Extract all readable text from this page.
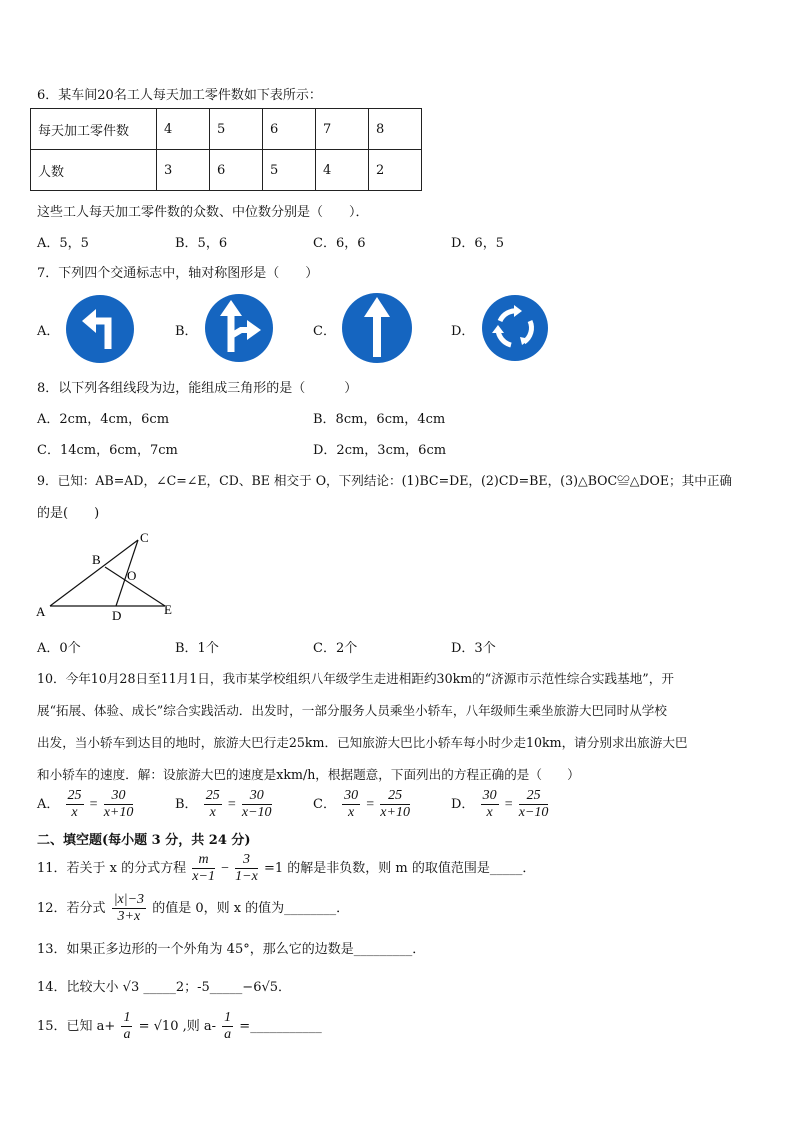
6．某车间20名工人每天加工零件数如下表所示：
每天加工零件数	4	5	6	7	8
人数	3	6	5	4	2
这些工人每天加工零件数的众数、中位数分别是（　　）．
A．5，5	B．5，6	C．6，6	D．6，5
7．下列四个交通标志中，轴对称图形是（　　）
A．	B．	C．	D．
8．以下列各组线段为边，能组成三角形的是（　　　）
A．2cm，4cm，6cm	B．8cm，6cm，4cm
C．14cm，6cm，7cm	D．2cm，3cm，6cm
9．已知：AB=AD，∠C=∠E，CD、BE 相交于 O，下列结论：(1)BC=DE，(2)CD=BE，(3)△BOC≌△DOE；其中正确
的是(　　)
C
B
O
A	D	E
A．0个	B．1个	C．2个	D．3个
10．今年10月28日至11月1日，我市某学校组织八年级学生走进相距约30km的“济源市示范性综合实践基地”，开
展“拓展、体验、成长”综合实践活动．出发时，一部分服务人员乘坐小轿车，八年级师生乘坐旅游大巴同时从学校
出发，当小轿车到达目的地时，旅游大巴行走25km．已知旅游大巴比小轿车每小时少走10km，请分别求出旅游大巴
和小轿车的速度．解：设旅游大巴的速度是xkm/h，根据题意，下面列出的方程正确的是（　　）
A． $\frac{25}{x} = \frac{30}{x+10}$	B． $\frac{25}{x} = \frac{30}{x-10}$	C． $\frac{30}{x} = \frac{25}{x+10}$	D． $\frac{30}{x} = \frac{25}{x-10}$
二、填空题(每小题 3 分，共 24 分)
11．若关于 x 的分式方程 $\frac{m}{x-1} - \frac{3}{1-x} =1$ 的解是非负数，则 m 的取值范围是_____．
12．若分式 $\frac{|x|-3}{3+x}$ 的值是 0，则 x 的值为________．
13．如果正多边形的一个外角为 45°，那么它的边数是_________．
14．比较大小 √3 _____2；-5_____−6√5．
15．已知 $a+ \frac{1}{a} = √10$ ,则 $a- \frac{1}{a}$ =___________
